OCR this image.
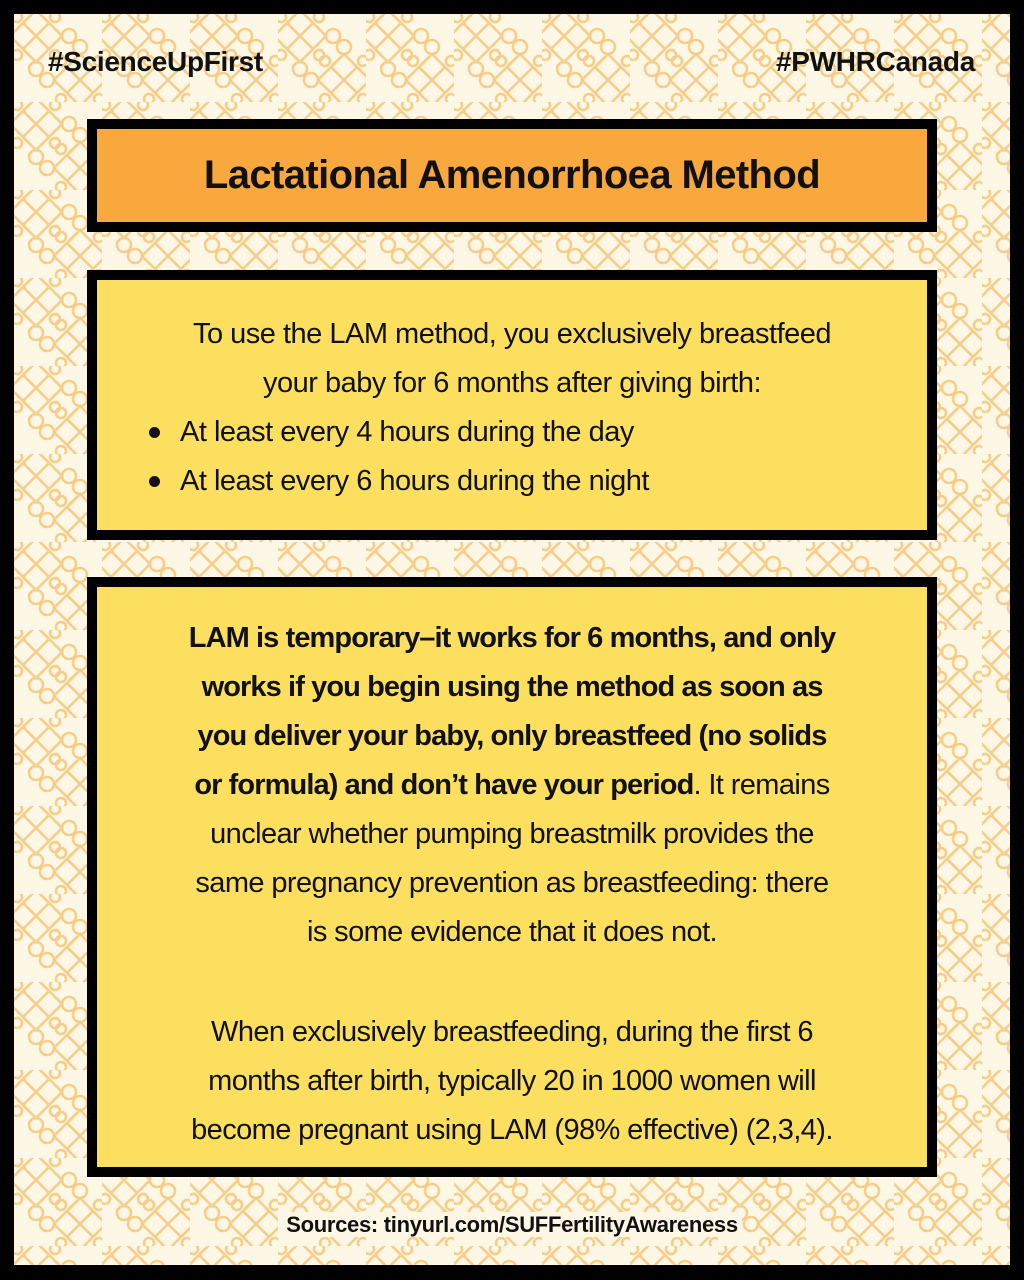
#ScienceUpFirst	#PWHRCanada
Lactational Amenorrhoea Method

To use the LAM method, you exclusively breastfeed
your baby for 6 months after giving birth:

At least every 4 hours during the day
At least every 6 hours during the night

LAM is temporary–it works for 6 months, and only
works if you begin using the method as soon as
you deliver your baby, only breastfeed (no solids
or formula) and don’t have your period. It remains
unclear whether pumping breastmilk provides the
same pregnancy prevention as breastfeeding: there
is some evidence that it does not.

When exclusively breastfeeding, during the first 6
months after birth, typically 20 in 1000 women will
become pregnant using LAM (98% effective) (2,3,4).

Sources: tinyurl.com/SUFFertilityAwareness
